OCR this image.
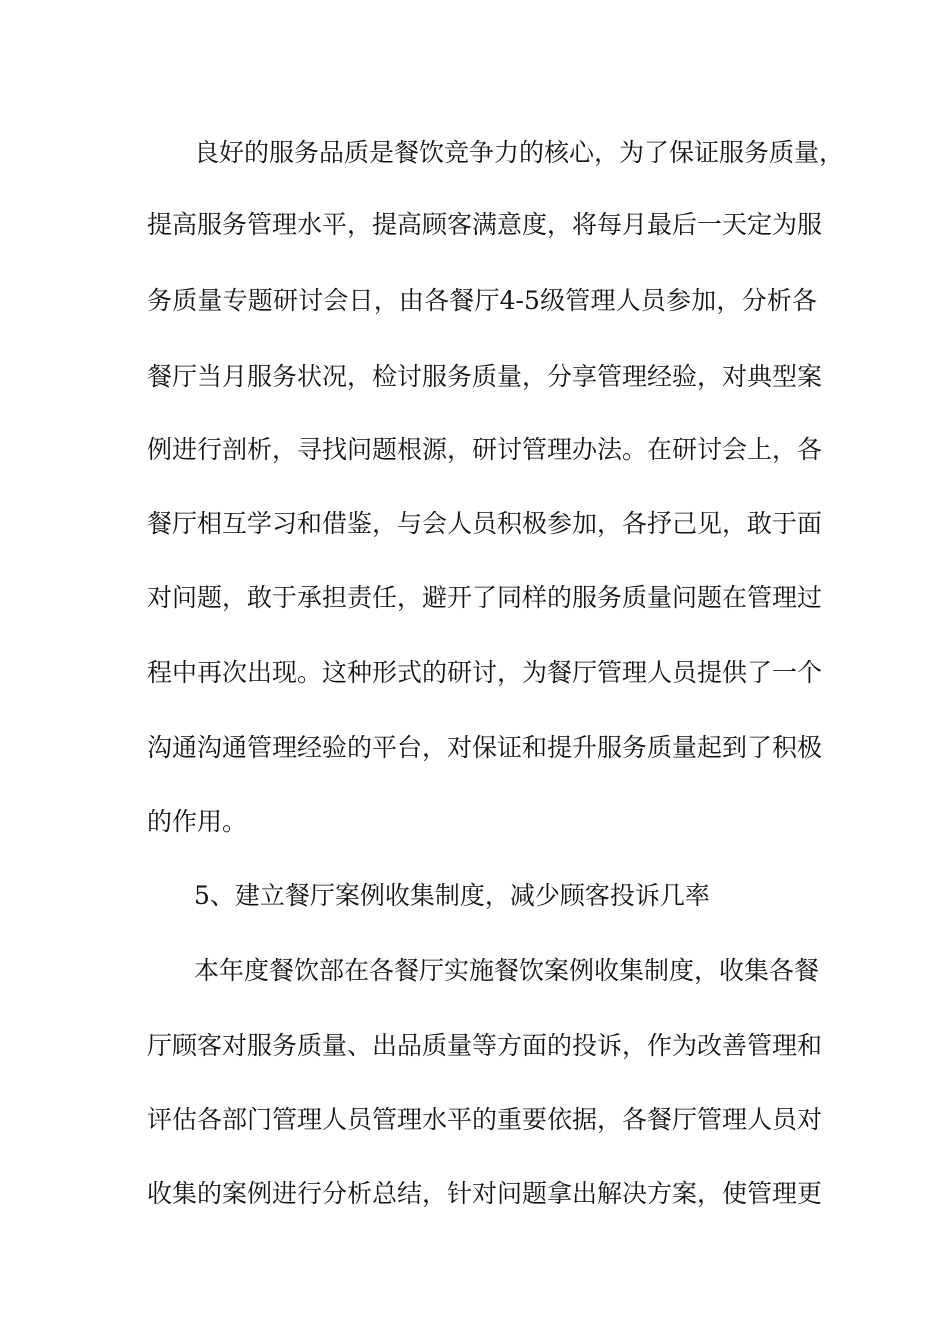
良好的服务品质是餐饮竞争力的核心，为了保证服务质量，
提高服务管理水平，提高顾客满意度，将每月最后一天定为服
务质量专题研讨会日，由各餐厅4-5级管理人员参加，分析各
餐厅当月服务状况，检讨服务质量，分享管理经验，对典型案
例进行剖析，寻找问题根源，研讨管理办法。在研讨会上，各
餐厅相互学习和借鉴，与会人员积极参加，各抒己见，敢于面
对问题，敢于承担责任，避开了同样的服务质量问题在管理过
程中再次出现。这种形式的研讨，为餐厅管理人员提供了一个
沟通沟通管理经验的平台，对保证和提升服务质量起到了积极
的作用。
5、建立餐厅案例收集制度，减少顾客投诉几率
本年度餐饮部在各餐厅实施餐饮案例收集制度，收集各餐
厅顾客对服务质量、出品质量等方面的投诉，作为改善管理和
评估各部门管理人员管理水平的重要依据，各餐厅管理人员对
收集的案例进行分析总结，针对问题拿出解决方案，使管理更
